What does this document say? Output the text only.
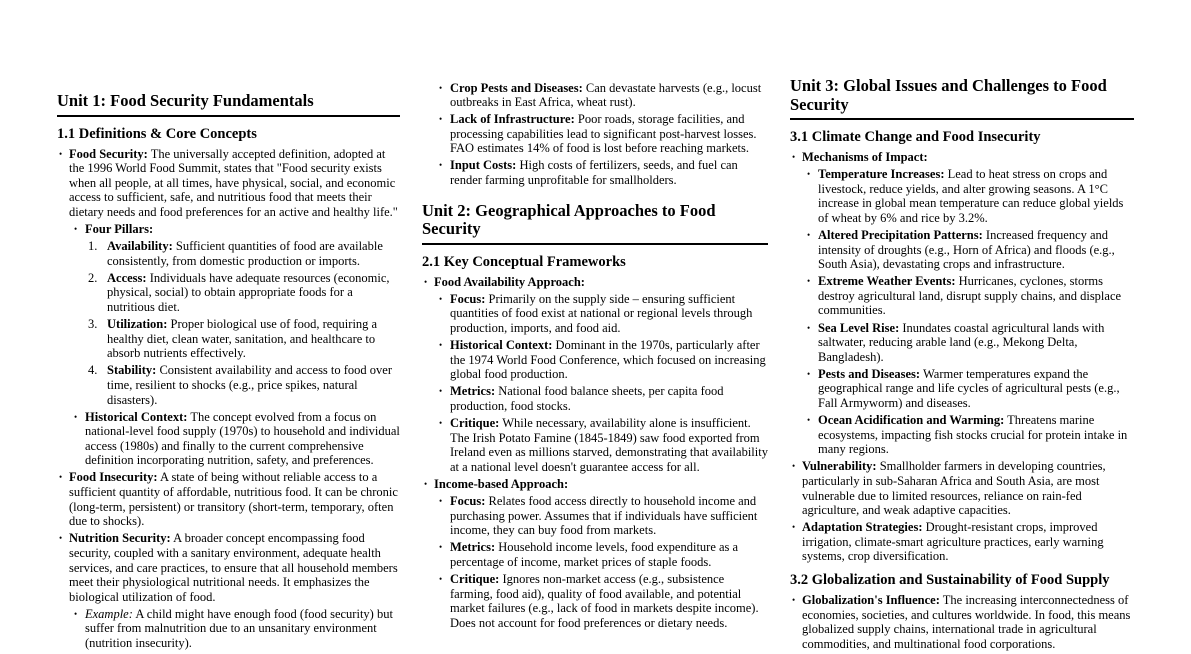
Unit 1: Food Security Fundamentals
1.1 Definitions & Core Concepts
• Food Security: The universally accepted definition, adopted at the 1996 World Food Summit, states that "Food security exists when all people, at all times, have physical, social, and economic access to sufficient, safe, and nutritious food that meets their dietary needs and food preferences for an active and healthy life."
• Four Pillars:
1. Availability: Sufficient quantities of food are available consistently, from domestic production or imports.
2. Access: Individuals have adequate resources (economic, physical, social) to obtain appropriate foods for a nutritious diet.
3. Utilization: Proper biological use of food, requiring a healthy diet, clean water, sanitation, and healthcare to absorb nutrients effectively.
4. Stability: Consistent availability and access to food over time, resilient to shocks (e.g., price spikes, natural disasters).
• Historical Context: The concept evolved from a focus on national-level food supply (1970s) to household and individual access (1980s) and finally to the current comprehensive definition incorporating nutrition, safety, and preferences.
• Food Insecurity: A state of being without reliable access to a sufficient quantity of affordable, nutritious food. It can be chronic (long-term, persistent) or transitory (short-term, temporary, often due to shocks).
• Nutrition Security: A broader concept encompassing food security, coupled with a sanitary environment, adequate health services, and care practices, to ensure that all household members meet their physiological nutritional needs. It emphasizes the biological utilization of food.
• Example: A child might have enough food (food security) but suffer from malnutrition due to an unsanitary environment (nutrition insecurity).
• Crop Pests and Diseases: Can devastate harvests (e.g., locust outbreaks in East Africa, wheat rust).
• Lack of Infrastructure: Poor roads, storage facilities, and processing capabilities lead to significant post-harvest losses. FAO estimates 14% of food is lost before reaching markets.
• Input Costs: High costs of fertilizers, seeds, and fuel can render farming unprofitable for smallholders.
Unit 2: Geographical Approaches to Food Security
2.1 Key Conceptual Frameworks
• Food Availability Approach:
• Focus: Primarily on the supply side – ensuring sufficient quantities of food exist at national or regional levels through production, imports, and food aid.
• Historical Context: Dominant in the 1970s, particularly after the 1974 World Food Conference, which focused on increasing global food production.
• Metrics: National food balance sheets, per capita food production, food stocks.
• Critique: While necessary, availability alone is insufficient. The Irish Potato Famine (1845-1849) saw food exported from Ireland even as millions starved, demonstrating that availability at a national level doesn't guarantee access for all.
• Income-based Approach:
• Focus: Relates food access directly to household income and purchasing power. Assumes that if individuals have sufficient income, they can buy food from markets.
• Metrics: Household income levels, food expenditure as a percentage of income, market prices of staple foods.
• Critique: Ignores non-market access (e.g., subsistence farming, food aid), quality of food available, and potential market failures (e.g., lack of food in markets despite income). Does not account for food preferences or dietary needs.
Unit 3: Global Issues and Challenges to Food Security
3.1 Climate Change and Food Insecurity
• Mechanisms of Impact:
• Temperature Increases: Lead to heat stress on crops and livestock, reduce yields, and alter growing seasons. A 1°C increase in global mean temperature can reduce global yields of wheat by 6% and rice by 3.2%.
• Altered Precipitation Patterns: Increased frequency and intensity of droughts (e.g., Horn of Africa) and floods (e.g., South Asia), devastating crops and infrastructure.
• Extreme Weather Events: Hurricanes, cyclones, storms destroy agricultural land, disrupt supply chains, and displace communities.
• Sea Level Rise: Inundates coastal agricultural lands with saltwater, reducing arable land (e.g., Mekong Delta, Bangladesh).
• Pests and Diseases: Warmer temperatures expand the geographical range and life cycles of agricultural pests (e.g., Fall Armyworm) and diseases.
• Ocean Acidification and Warming: Threatens marine ecosystems, impacting fish stocks crucial for protein intake in many regions.
• Vulnerability: Smallholder farmers in developing countries, particularly in sub-Saharan Africa and South Asia, are most vulnerable due to limited resources, reliance on rain-fed agriculture, and weak adaptive capacities.
• Adaptation Strategies: Drought-resistant crops, improved irrigation, climate-smart agriculture practices, early warning systems, crop diversification.
3.2 Globalization and Sustainability of Food Supply
• Globalization's Influence: The increasing interconnectedness of economies, societies, and cultures worldwide. In food, this means globalized supply chains, international trade in agricultural commodities, and multinational food corporations.
